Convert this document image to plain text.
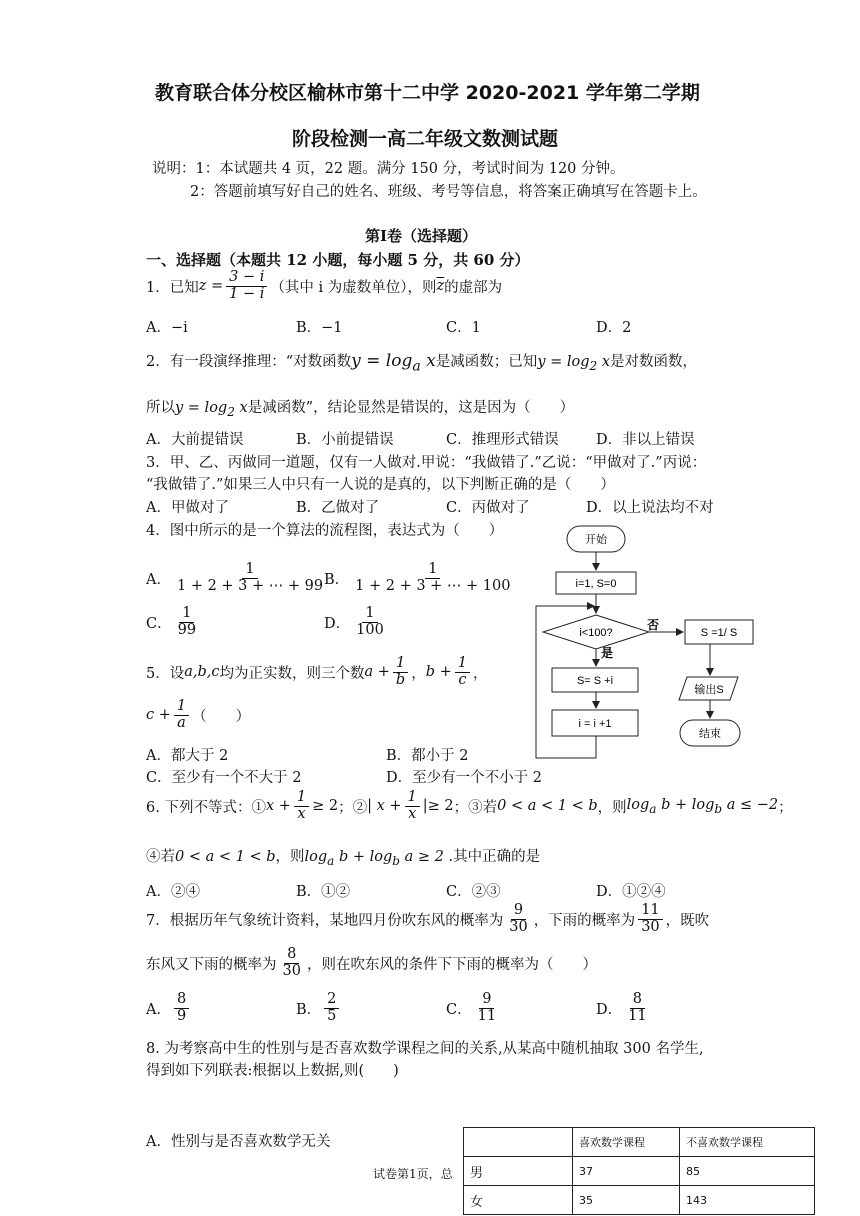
教育联合体分校区榆林市第十二中学 2020-2021 学年第二学期
阶段检测一高二年级文数测试题
说明：1：本试题共 4 页，22 题。满分 150 分，考试时间为 120 分钟。
2：答题前填写好自己的姓名、班级、考号等信息，将答案正确填写在答题卡上。
第Ⅰ卷（选择题）
一、选择题（本题共 12 小题，每小题 5 分，共 60 分）
1．已知 $z = \frac{3 - i}{1 - i}$ （其中 i 为虚数单位），则 $\overline{z}$ 的虚部为
A．−i	B．−1	C．1	D．2
2．有一段演绎推理：“对数函数$y = \log_a x$是减函数；已知$y = \log_2 x$是对数函数，
所以$y = \log_2 x$是减函数”，结论显然是错误的，这是因为（　　）
A．大前提错误	B．小前提错误	C．推理形式错误	D．非以上错误
3．甲、乙、丙做同一道题，仅有一人做对.甲说：“我做错了.”乙说：“甲做对了.”丙说：
“我做错了.”如果三人中只有一人说的是真的，以下判断正确的是（　　）
A．甲做对了	B．乙做对了	C．丙做对了	D．以上说法均不对
4．图中所示的是一个算法的流程图，表达式为（　　）
A． $\frac{1}{1 + 2 + 3 + \cdots + 99}$
B． $\frac{1}{1 + 2 + 3 + \cdots + 100}$
C． $\frac{1}{99}$	D． $\frac{1}{100}$
开始
i=1, S=0
i<100?
否
是
S= S +i
i = i +1
S =1/ S
输出S
结束
5．设 a,b,c 均为正实数，则三个数 $a + \frac{1}{b}$ ， $b + \frac{1}{c}$ ，
$c + \frac{1}{a}$ （　　）
A．都大于 2	B．都小于 2
C．至少有一个不大于 2	D．至少有一个不小于 2
6. 下列不等式：① $x + \frac{1}{x} \ge 2$ ；② | $x + \frac{1}{x}$ |≥ 2 ；③若 0 < a < 1 < b ，则 $\log_a b + \log_b a \le -2$ ；
④若0 < a < 1 < b，则$\log_a b + \log_b a \ge 2$ .其中正确的是
A．②④	B．①②	C．②③	D．①②④
7．根据历年气象统计资料，某地四月份吹东风的概率为 $\frac{9}{30}$ ，下雨的概率为 $\frac{11}{30}$ ，既吹
东风又下雨的概率为 $\frac{8}{30}$ ，则在吹东风的条件下下雨的概率为（　　）
A． $\frac{8}{9}$	B． $\frac{2}{5}$	C． $\frac{9}{11}$	D． $\frac{8}{11}$
8. 为考察高中生的性别与是否喜欢数学课程之间的关系,从某高中随机抽取 300 名学生,
得到如下列联表:根据以上数据,则(　　)
A．性别与是否喜欢数学无关
		喜欢数学课程	不喜欢数学课程
男	37	85
女	35	143
试卷第1页，总
